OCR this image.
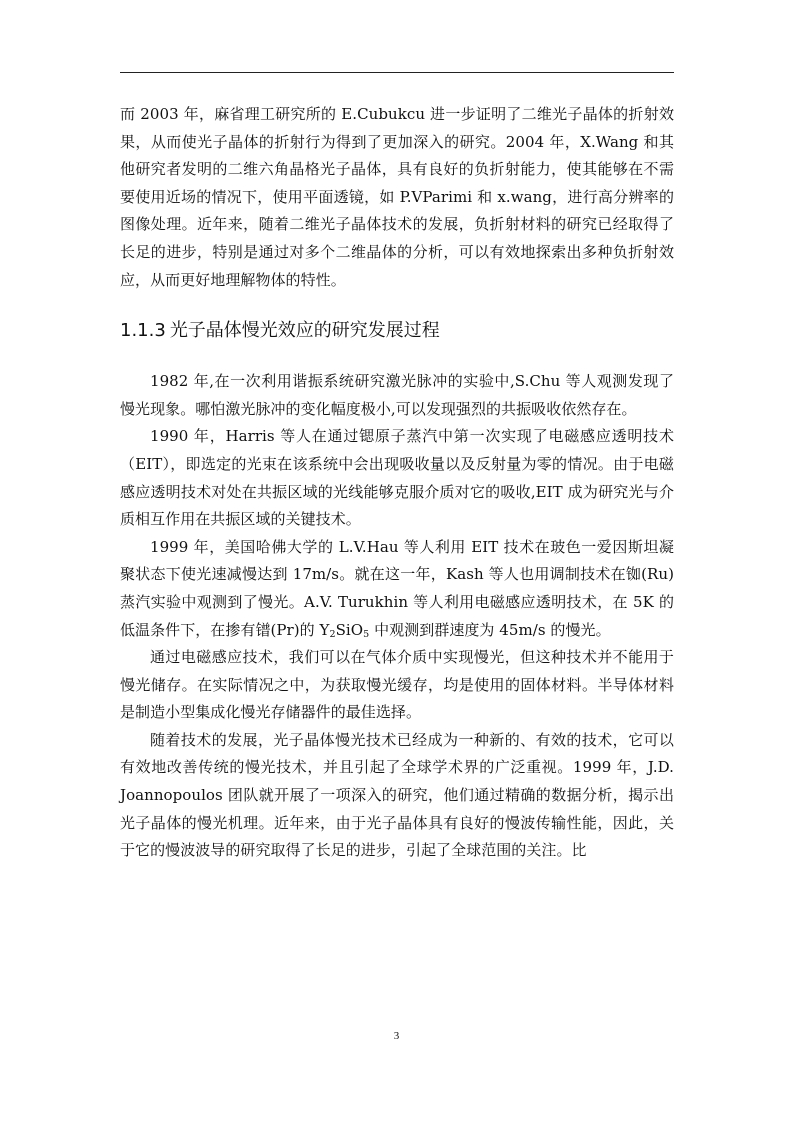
而 2003 年，麻省理工研究所的 E.Cubukcu 进一步证明了二维光子晶体的折射效果，从而使光子晶体的折射行为得到了更加深入的研究。2004 年，X.Wang 和其他研究者发明的二维六角晶格光子晶体，具有良好的负折射能力，使其能够在不需要使用近场的情况下，使用平面透镜，如 P.VParimi 和 x.wang，进行高分辨率的图像处理。近年来，随着二维光子晶体技术的发展，负折射材料的研究已经取得了长足的进步，特别是通过对多个二维晶体的分析，可以有效地探索出多种负折射效应，从而更好地理解物体的特性。

1.1.3 光子晶体慢光效应的研究发展过程

1982 年,在一次利用谐振系统研究激光脉冲的实验中,S.Chu 等人观测发现了慢光现象。哪怕激光脉冲的变化幅度极小,可以发现强烈的共振吸收依然存在。

1990 年，Harris 等人在通过锶原子蒸汽中第一次实现了电磁感应透明技术（EIT），即选定的光束在该系统中会出现吸收量以及反射量为零的情况。由于电磁感应透明技术对处在共振区域的光线能够克服介质对它的吸收,EIT 成为研究光与介质相互作用在共振区域的关键技术。

1999 年，美国哈佛大学的 L.V.Hau 等人利用 EIT 技术在玻色一爱因斯坦凝聚状态下使光速减慢达到 17m/s。就在这一年，Kash 等人也用调制技术在铷(Ru)蒸汽实验中观测到了慢光。A.V. Turukhin 等人利用电磁感应透明技术，在 5K 的低温条件下，在掺有镨(Pr)的 $Y_2SiO_5$ 中观测到群速度为 45m/s 的慢光。

通过电磁感应技术，我们可以在气体介质中实现慢光，但这种技术并不能用于慢光储存。在实际情况之中，为获取慢光缓存，均是使用的固体材料。半导体材料是制造小型集成化慢光存储器件的最佳选择。

随着技术的发展，光子晶体慢光技术已经成为一种新的、有效的技术，它可以有效地改善传统的慢光技术，并且引起了全球学术界的广泛重视。1999 年，J.D. Joannopoulos 团队就开展了一项深入的研究，他们通过精确的数据分析，揭示出光子晶体的慢光机理。近年来，由于光子晶体具有良好的慢波传输性能，因此，关于它的慢波波导的研究取得了长足的进步，引起了全球范围的关注。比

3
